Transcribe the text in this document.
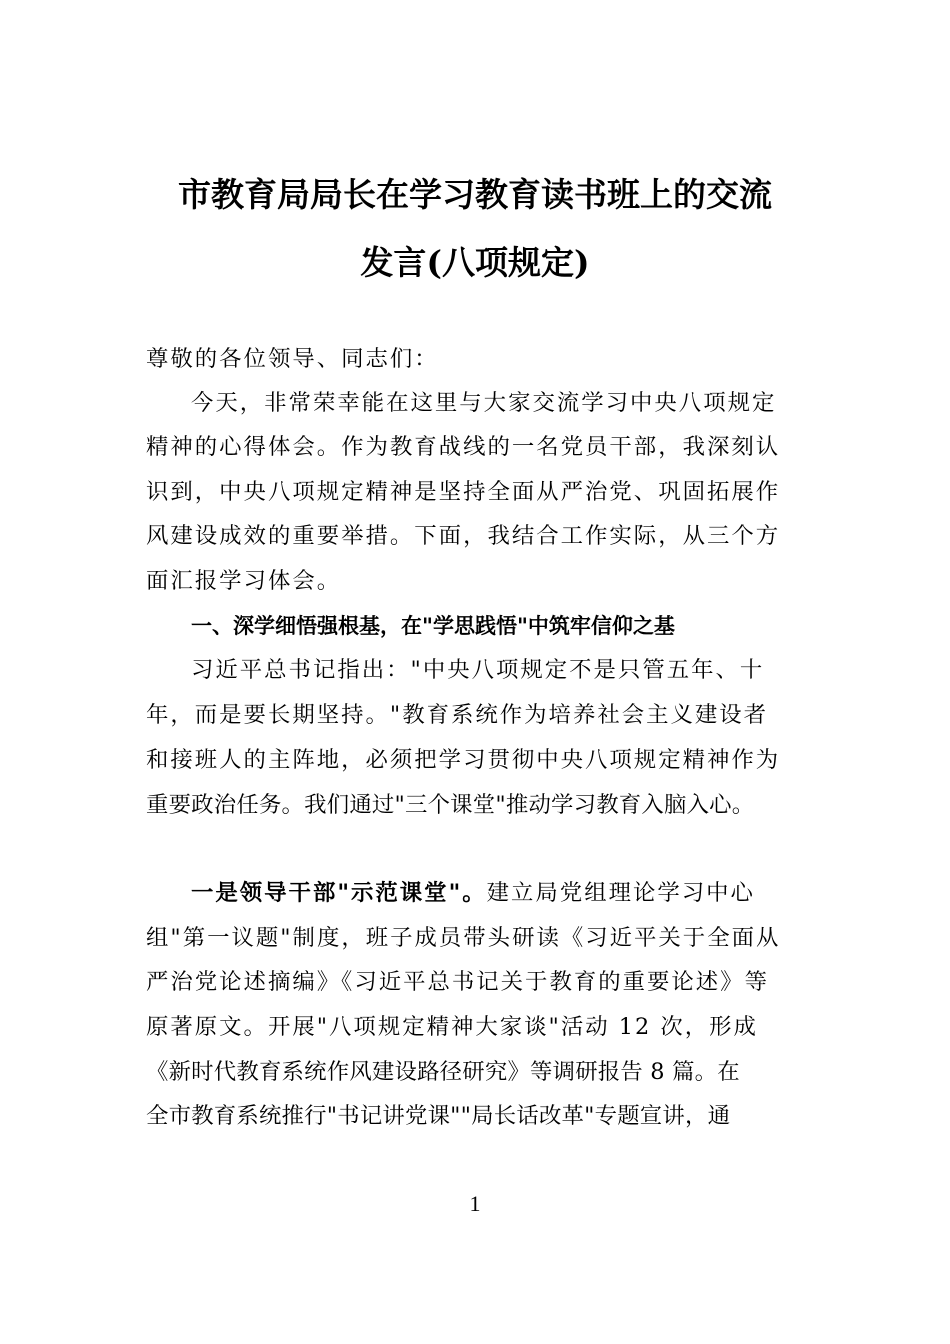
市教育局局长在学习教育读书班上的交流
发言(八项规定)
尊敬的各位领导、同志们：
今天，非常荣幸能在这里与大家交流学习中央八项规定
精神的心得体会。作为教育战线的一名党员干部，我深刻认
识到，中央八项规定精神是坚持全面从严治党、巩固拓展作
风建设成效的重要举措。下面，我结合工作实际，从三个方
面汇报学习体会。
一、深学细悟强根基，在"学思践悟"中筑牢信仰之基
习近平总书记指出："中央八项规定不是只管五年、十
年，而是要长期坚持。"教育系统作为培养社会主义建设者
和接班人的主阵地，必须把学习贯彻中央八项规定精神作为
重要政治任务。我们通过"三个课堂"推动学习教育入脑入心。
一是领导干部"示范课堂"。建立局党组理论学习中心
组"第一议题"制度，班子成员带头研读《习近平关于全面从
严治党论述摘编》《习近平总书记关于教育的重要论述》等
原著原文。开展"八项规定精神大家谈"活动 12 次，形成
《新时代教育系统作风建设路径研究》等调研报告 8 篇。在
全市教育系统推行"书记讲党课""局长话改革"专题宣讲，通
1
